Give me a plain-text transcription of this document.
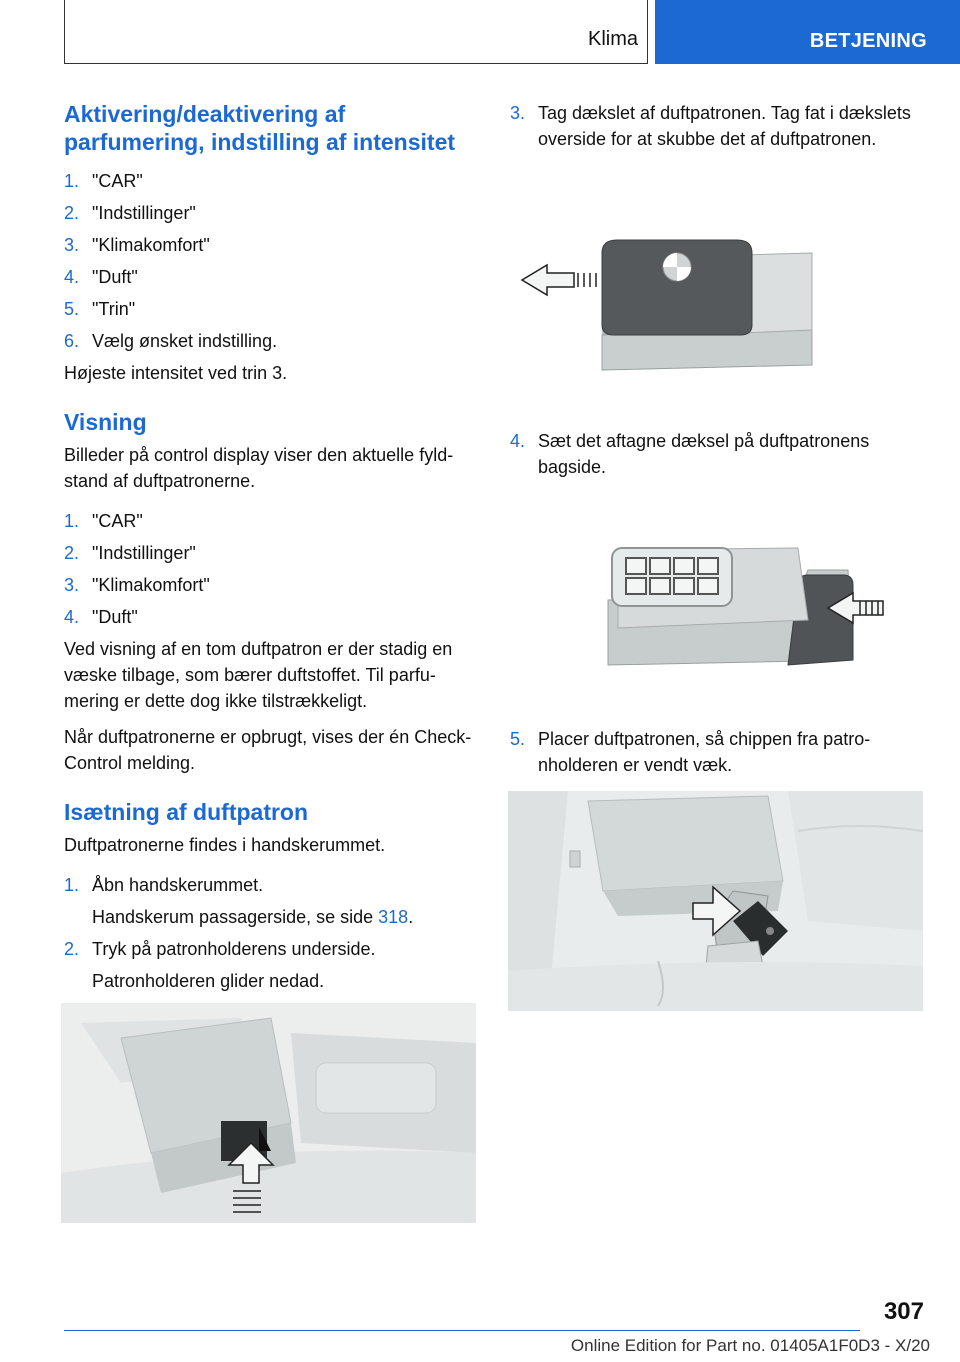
Klima	BETJENING
Aktivering/deaktivering af parfumering, indstilling af intensitet
1. "CAR"
2. "Indstillinger"
3. "Klimakomfort"
4. "Duft"
5. "Trin"
6. Vælg ønsket indstilling.

Højeste intensitet ved trin 3.

Visning

Billeder på control display viser den aktuelle fyldstand af duftpatronerne.

1. "CAR"
2. "Indstillinger"
3. "Klimakomfort"
4. "Duft"

Ved visning af en tom duftpatron er der stadig en væske tilbage, som bærer duftstoffet. Til parfumering er dette dog ikke tilstrækkeligt.

Når duftpatronerne er opbrugt, vises der én Check-Control melding.

Isætning af duftpatron

Duftpatronerne findes i handskerummet.

1. Åbn handskerummet.
Handskerum passagerside, se side 318.
2. Tryk på patronholderens underside.
Patronholderen glider nedad.
3. Tag dækslet af duftpatronen. Tag fat i dækslets overside for at skubbe det af duftpatronen.
4. Sæt det aftagne dæksel på duftpatronens bagside.
5. Placer duftpatronen, så chippen fra patronholderen er vendt væk.
307
Online Edition for Part no. 01405A1F0D3 - X/20
